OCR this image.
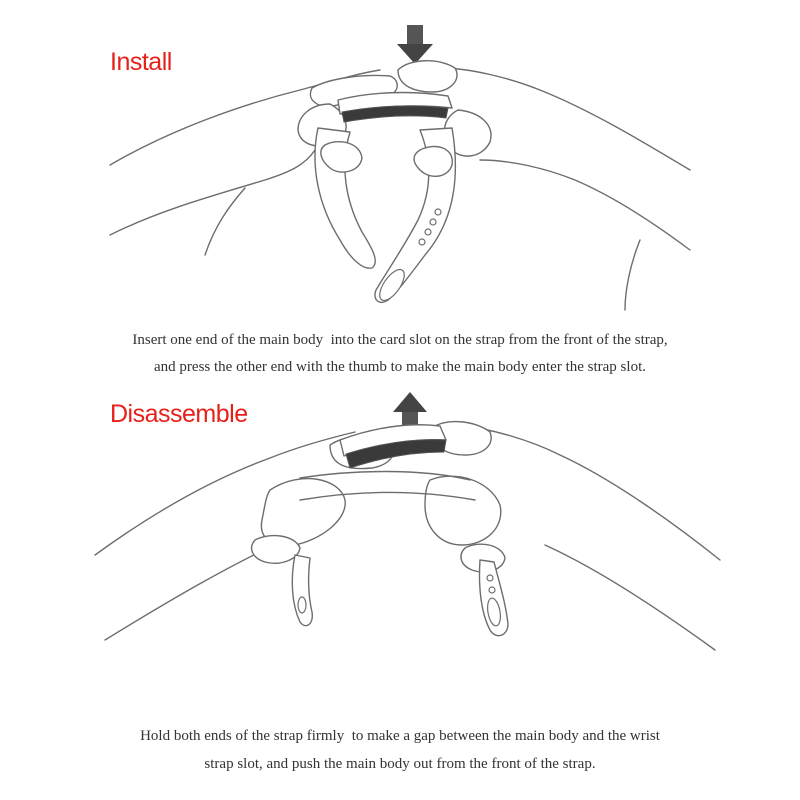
Install

Insert one end of the main body  into the card slot on the strap from the front of the strap,

and press the other end with the thumb to make the main body enter the strap slot.

Disassemble

Hold both ends of the strap firmly  to make a gap between the main body and the wrist

strap slot, and push the main body out from the front of the strap.
